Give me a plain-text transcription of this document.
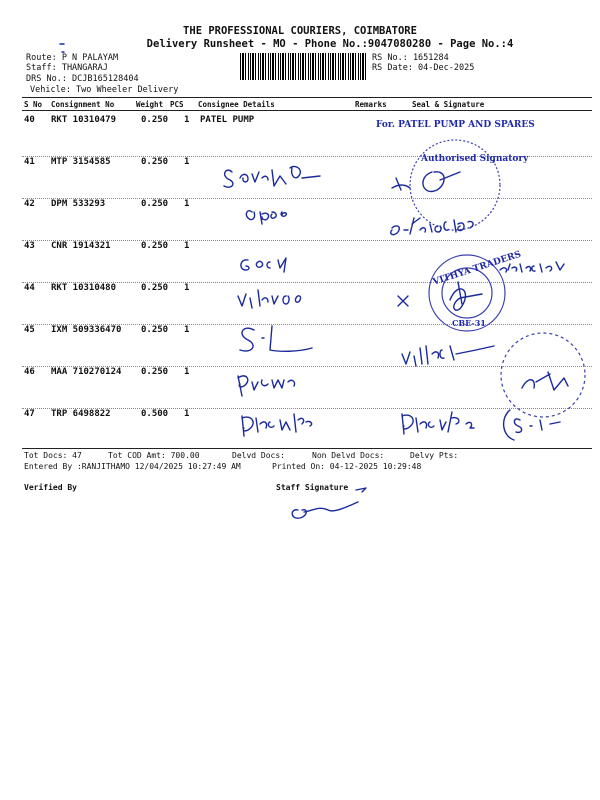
THE PROFESSIONAL COURIERS, COIMBATORE
Delivery Runsheet - MO - Phone No.:9047080280 - Page No.:4
Route: P N PALAYAM
Staff: THANGARAJ
DRS No.: DCJB165128404
Vehicle: Two Wheeler Delivery
RS No.: 1651284
RS Date: 04-Dec-2025
S No Consignment No	Weight PCS Consignee Details	Remarks	Seal & Signature
40 RKT 10310479	0.250 1 PATEL PUMP
41 MTP 3154585	0.250 1
42 DPM 533293	0.250 1
43 CNR 1914321	0.250 1
44 RKT 10310480	0.250 1
45 IXM 509336470 0.250 1
46 MAA 710270124 0.250 1
47 TRP 6498822	0.500 1
Tot Docs: 47	Tot COD Amt: 700.00	Delvd Docs:	Non Delvd Docs:	Delvy Pts:
Entered By :RANJITHAMO 12/04/2025 10:27:49 AM	Printed On: 04-12-2025 10:29:48
Verified By	Staff Signature
For. PATEL PUMP AND SPARES
Authorised Signatory
VITHYA TRADERS
CBE-31
